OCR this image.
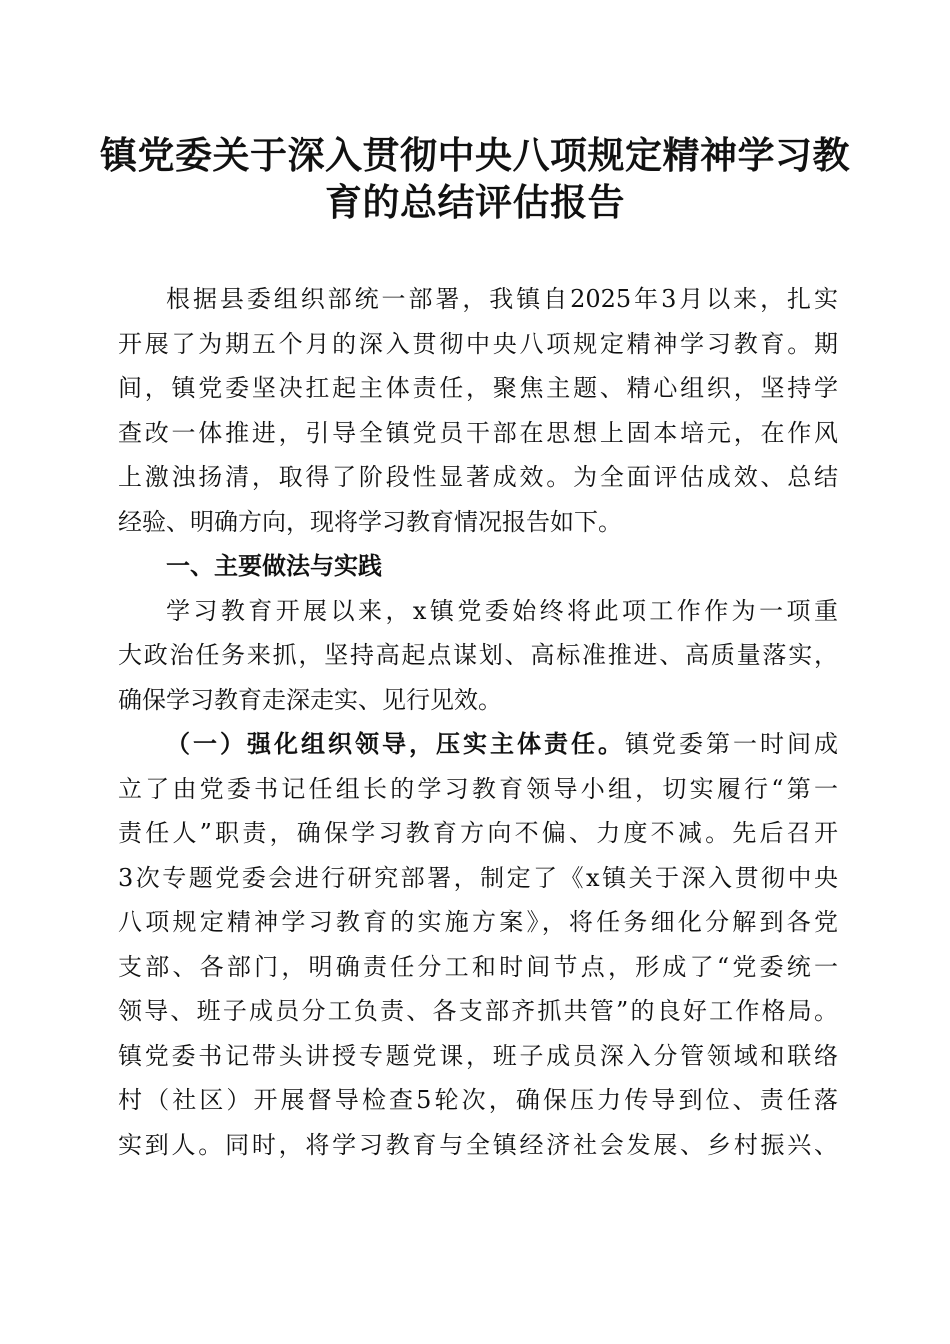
镇党委关于深入贯彻中央八项规定精神学习教
育的总结评估报告
根据县委组织部统一部署，我镇自2025年3月以来，扎实
开展了为期五个月的深入贯彻中央八项规定精神学习教育。期
间，镇党委坚决扛起主体责任，聚焦主题、精心组织，坚持学
查改一体推进，引导全镇党员干部在思想上固本培元，在作风
上激浊扬清，取得了阶段性显著成效。为全面评估成效、总结
经验、明确方向，现将学习教育情况报告如下。
一、主要做法与实践
学习教育开展以来，x镇党委始终将此项工作作为一项重
大政治任务来抓，坚持高起点谋划、高标准推进、高质量落实，
确保学习教育走深走实、见行见效。
（一）强化组织领导，压实主体责任。镇党委第一时间成
立了由党委书记任组长的学习教育领导小组，切实履行“第一
责任人”职责，确保学习教育方向不偏、力度不减。先后召开
3次专题党委会进行研究部署，制定了《x镇关于深入贯彻中央
八项规定精神学习教育的实施方案》，将任务细化分解到各党
支部、各部门，明确责任分工和时间节点，形成了“党委统一
领导、班子成员分工负责、各支部齐抓共管”的良好工作格局。
镇党委书记带头讲授专题党课，班子成员深入分管领域和联络
村（社区）开展督导检查5轮次，确保压力传导到位、责任落
实到人。同时，将学习教育与全镇经济社会发展、乡村振兴、
